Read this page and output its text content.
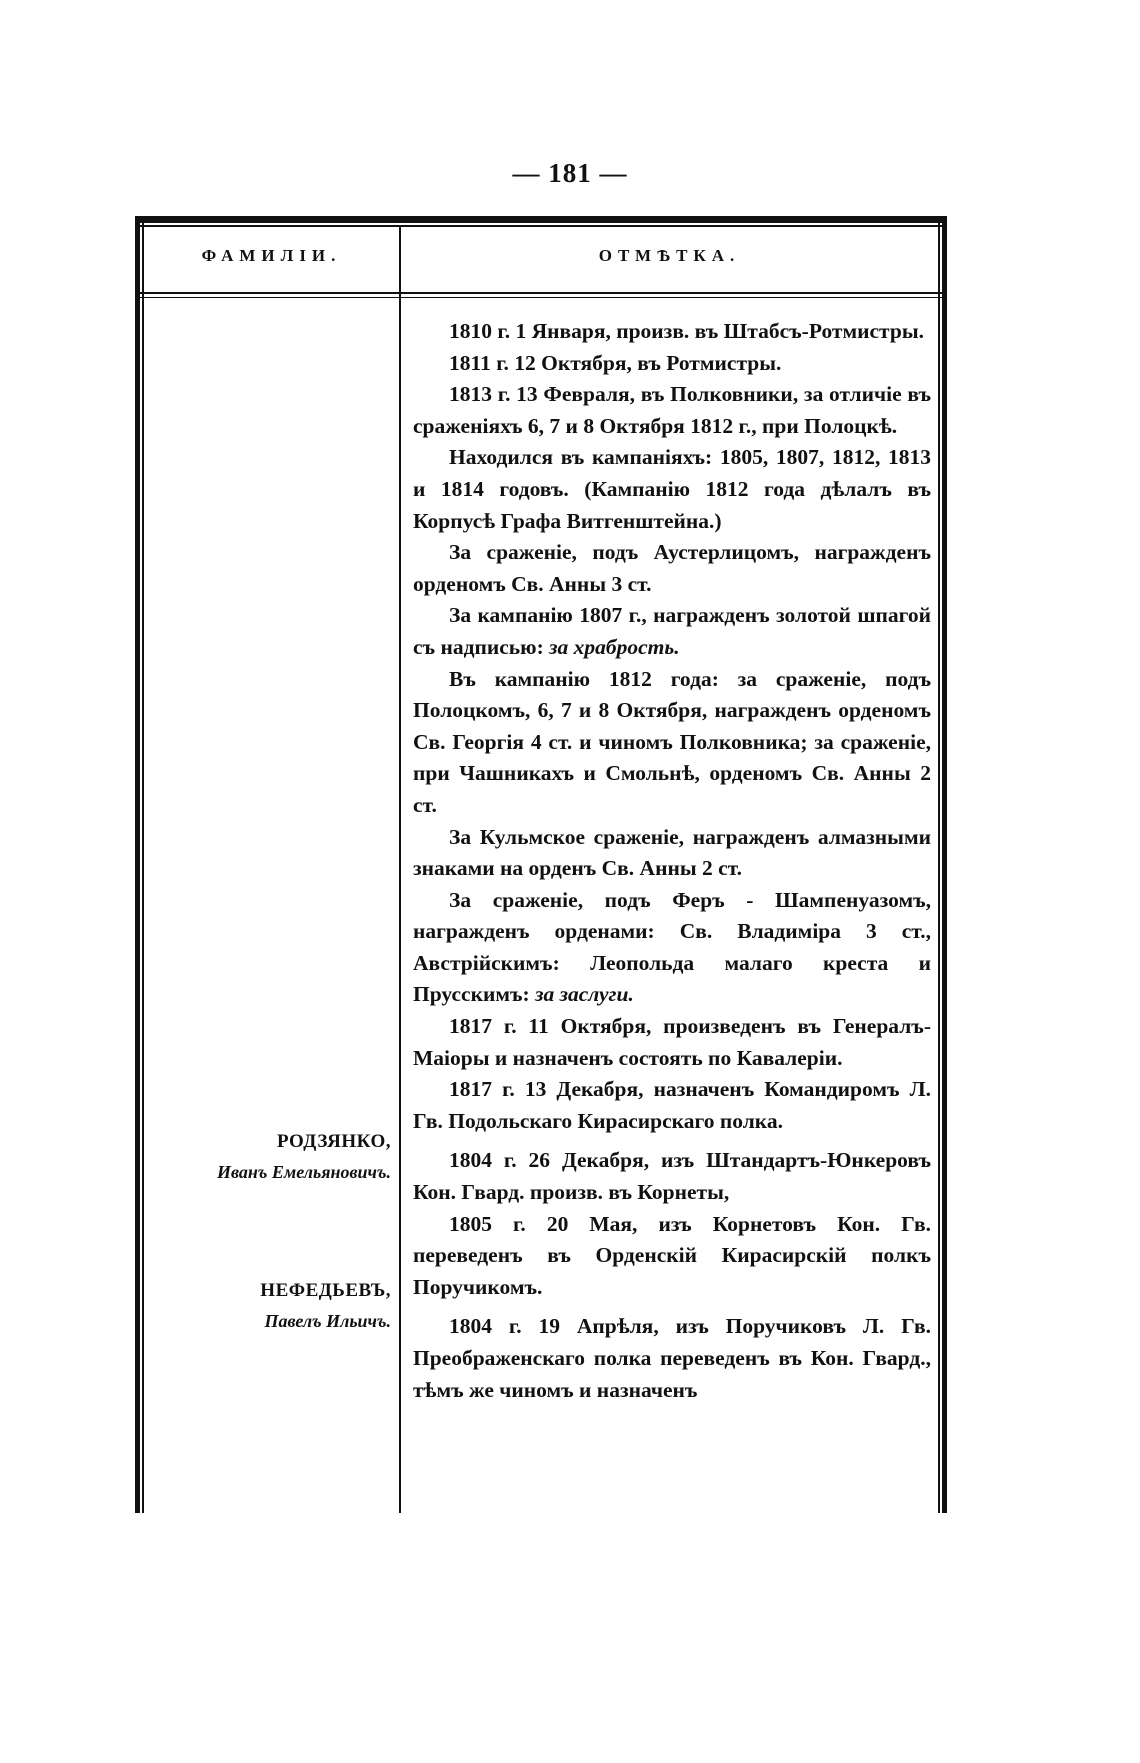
— 181 —
ФАМИЛІИ.	ОТМѢТКА.

1810 г. 1 Января, произв. въ Штабсъ-Ротмистры.

1811 г. 12 Октября, въ Ротмистры.

1813 г. 13 Февраля, въ Полковники, за отличіе въ сраженіяхъ 6, 7 и 8 Октября 1812 г., при Полоцкѣ.

Находился въ кампаніяхъ: 1805, 1807, 1812, 1813 и 1814 годовъ. (Кампанію 1812 года дѣлалъ въ Корпусѣ Графа Витгенштейна.)

За сраженіе, подъ Аустерлицомъ, награжденъ орденомъ Св. Анны 3 ст.

За кампанію 1807 г., награжденъ золотой шпагой съ надписью: за храбрость.

Въ кампанію 1812 года: за сраженіе, подъ Полоцкомъ, 6, 7 и 8 Октября, награжденъ орденомъ Св. Георгія 4 ст. и чиномъ Полковника; за сраженіе, при Чашникахъ и Смольнѣ, орденомъ Св. Анны 2 ст.

За Кульмское сраженіе, награжденъ алмазными знаками на орденъ Св. Анны 2 ст.

За сраженіе, подъ Феръ - Шампенуазомъ, награжденъ орденами: Св. Владиміра 3 ст., Австрійскимъ: Леопольда малаго креста и Прусскимъ: за заслуги.

1817 г. 11 Октября, произведенъ въ Генералъ-Маіоры и назначенъ состоять по Кавалеріи.

1817 г. 13 Декабря, назначенъ Командиромъ Л. Гв. Подольскаго Кирасирскаго полка.

1804 г. 26 Декабря, изъ Штандартъ-Юнкеровъ Кон. Гвард. произв. въ Корнеты,

1805 г. 20 Мая, изъ Корнетовъ Кон. Гв. переведенъ въ Орденскій Кирасирскій полкъ Поручикомъ.

1804 г. 19 Апрѣля, изъ Поручиковъ Л. Гв. Преображенскаго полка переведенъ въ Кон. Гвард., тѣмъ же чиномъ и назначенъ

РОДЗЯНКО,
Иванъ Емельяновичъ.
НЕФЕДЬЕВЪ,
Павелъ Ильичъ.
